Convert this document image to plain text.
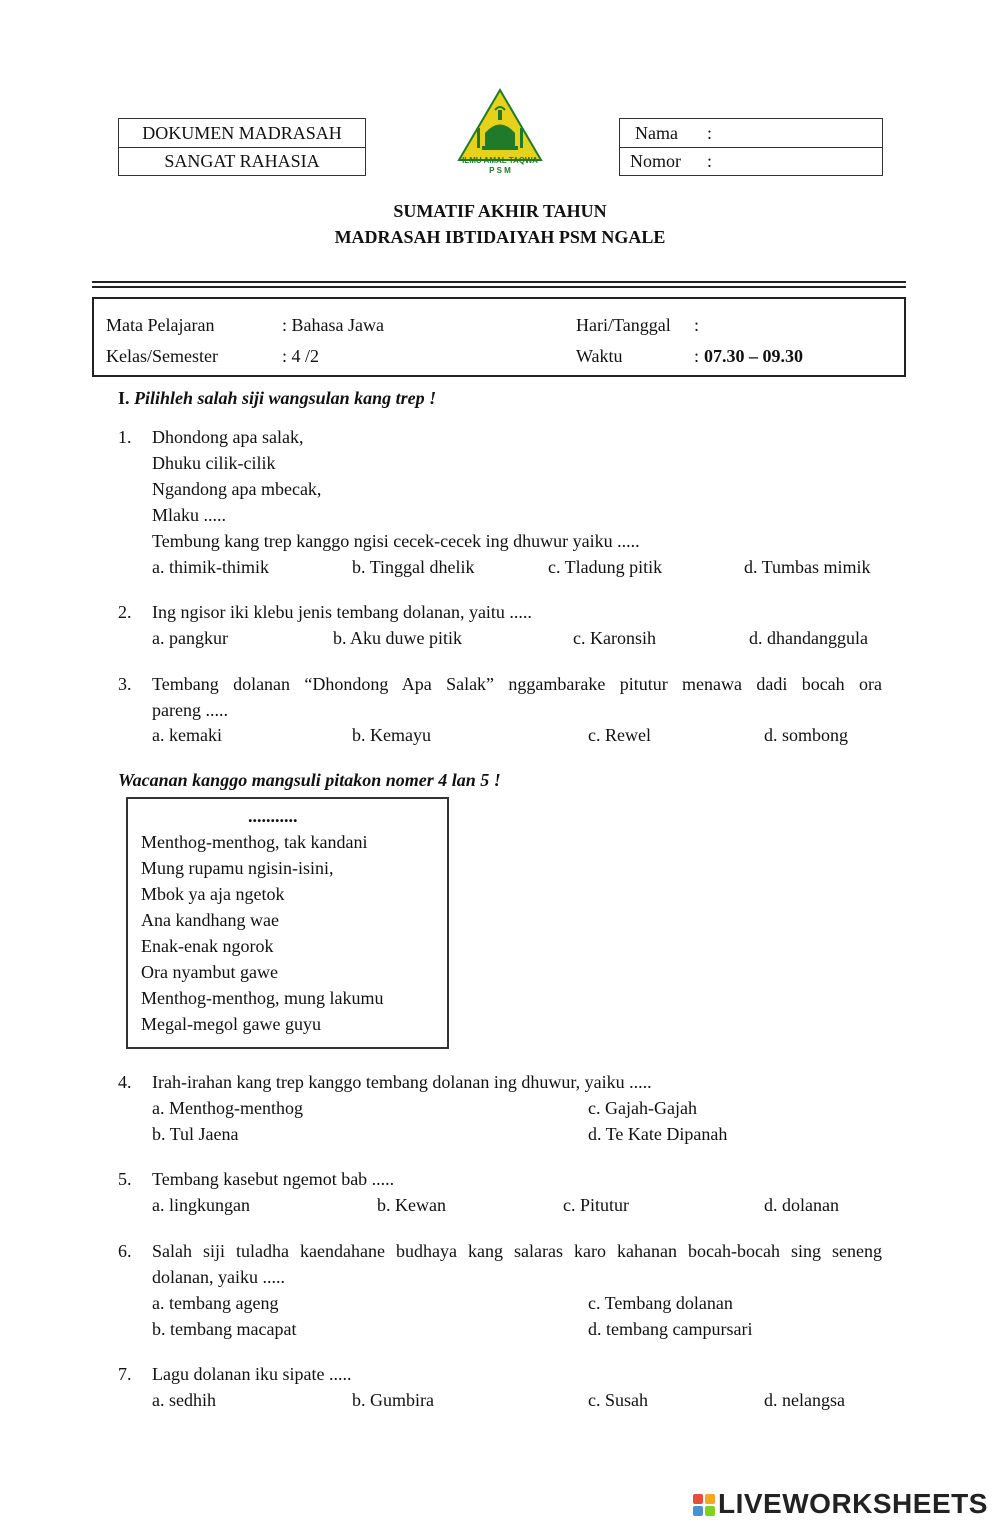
DOKUMEN MADRASAH
SANGAT RAHASIA	ILMU AMAL TAQWA
P S M
Nama :
Nomor :
SUMATIF AKHIR TAHUN
MADRASAH IBTIDAIYAH PSM NGALE
Mata Pelajaran	: Bahasa Jawa	Hari/Tanggal :
Kelas/Semester	: 4 /2	Waktu	: 07.30 – 09.30
I. Pilihleh salah siji wangsulan kang trep !
1. Dhondong apa salak,
Dhuku cilik-cilik
Ngandong apa mbecak,
Mlaku .....
Tembung kang trep kanggo ngisi cecek-cecek ing dhuwur yaiku .....
a. thimik-thimik	b. Tinggal dhelik	c. Tladung pitik	d. Tumbas mimik
2. Ing ngisor iki klebu jenis tembang dolanan, yaitu .....
a. pangkur	b. Aku duwe pitik	c. Karonsih	d. dhandanggula
3. Tembang dolanan “Dhondong Apa Salak” nggambarake pitutur menawa dadi bocah ora
pareng .....
a. kemaki	b. Kemayu	c. Rewel	d. sombong
Wacanan kanggo mangsuli pitakon nomer 4 lan 5 !
...........
Menthog-menthog, tak kandani
Mung rupamu ngisin-isini,
Mbok ya aja ngetok
Ana kandhang wae
Enak-enak ngorok
Ora nyambut gawe
Menthog-menthog, mung lakumu
Megal-megol gawe guyu
4. Irah-irahan kang trep kanggo tembang dolanan ing dhuwur, yaiku .....
a. Menthog-menthog	c. Gajah-Gajah
b. Tul Jaena	d. Te Kate Dipanah
5. Tembang kasebut ngemot bab .....
a. lingkungan	b. Kewan	c. Pitutur	d. dolanan
6. Salah siji tuladha kaendahane budhaya kang salaras karo kahanan bocah-bocah sing seneng
dolanan, yaiku .....
a. tembang ageng	c. Tembang dolanan
b. tembang macapat	d. tembang campursari
7. Lagu dolanan iku sipate .....
a. sedhih	b. Gumbira	c. Susah	d. nelangsa
LIVEWORKSHEETS
